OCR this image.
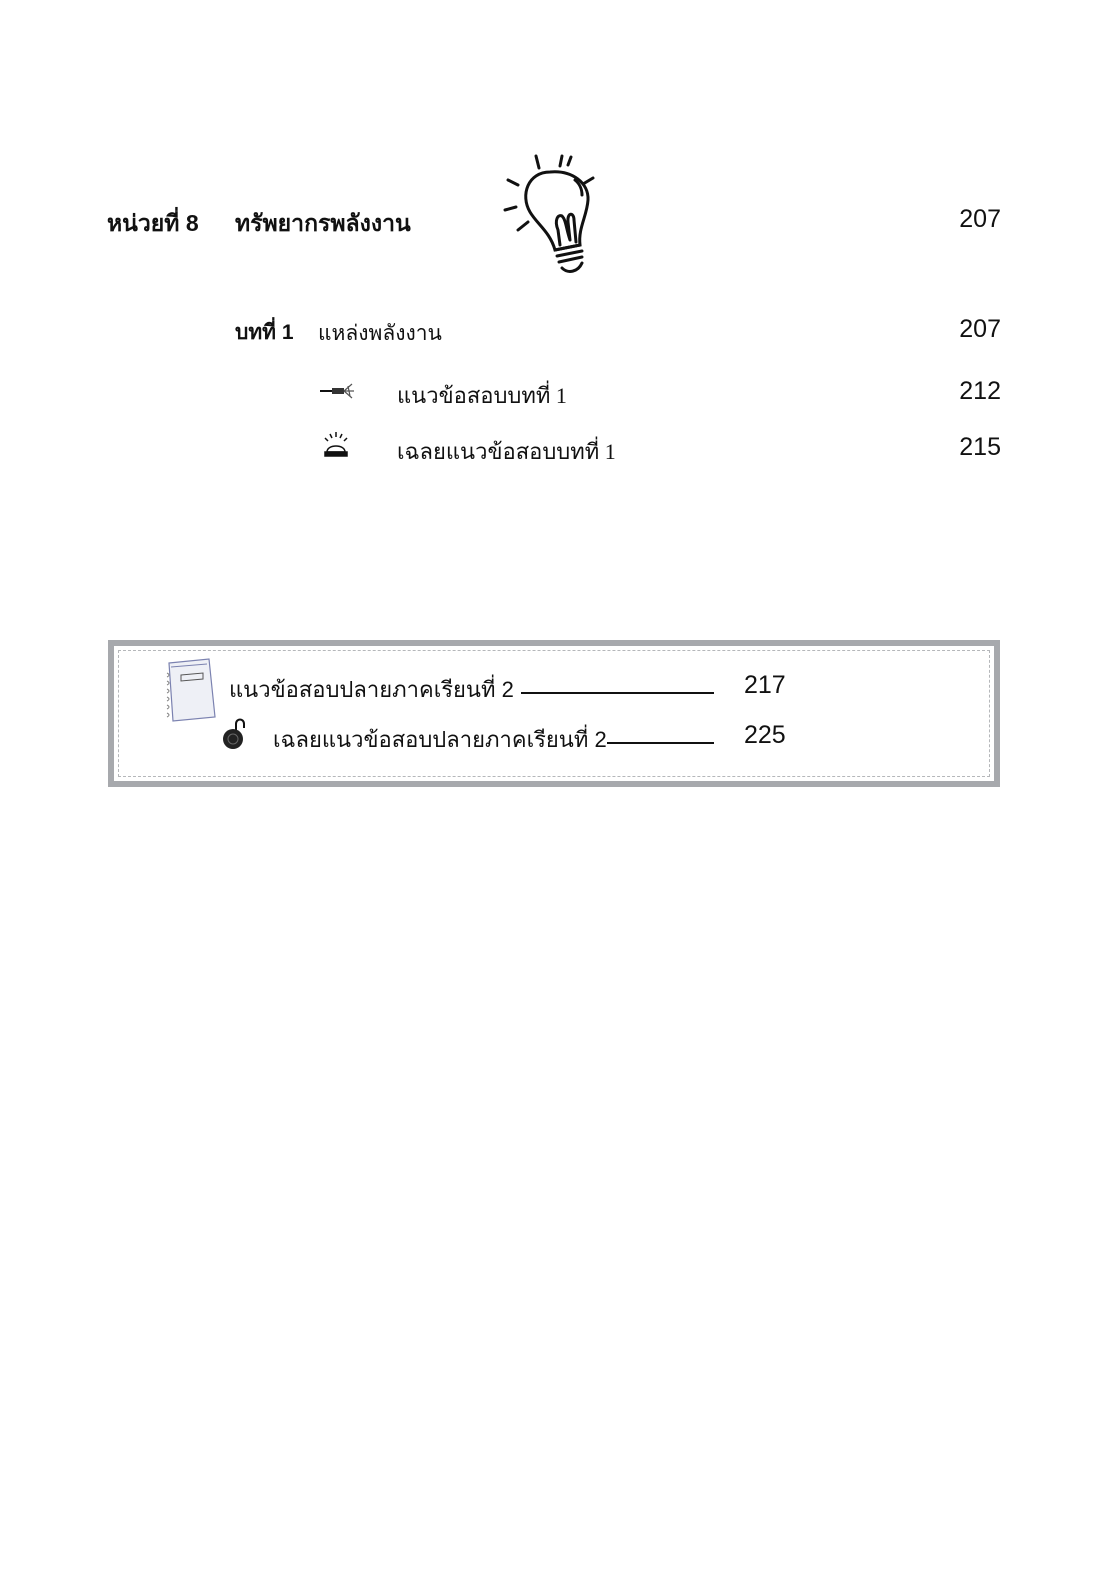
หน่วยที่ 8 ทรัพยากรพลังงาน	207
บทที่ 1 แหล่งพลังงาน	207
แนวข้อสอบบทที่ 1	212
เฉลยแนวข้อสอบบทที่ 1	215
แนวข้อสอบปลายภาคเรียนที่ 2	217
เฉลยแนวข้อสอบปลายภาคเรียนที่ 2	225
